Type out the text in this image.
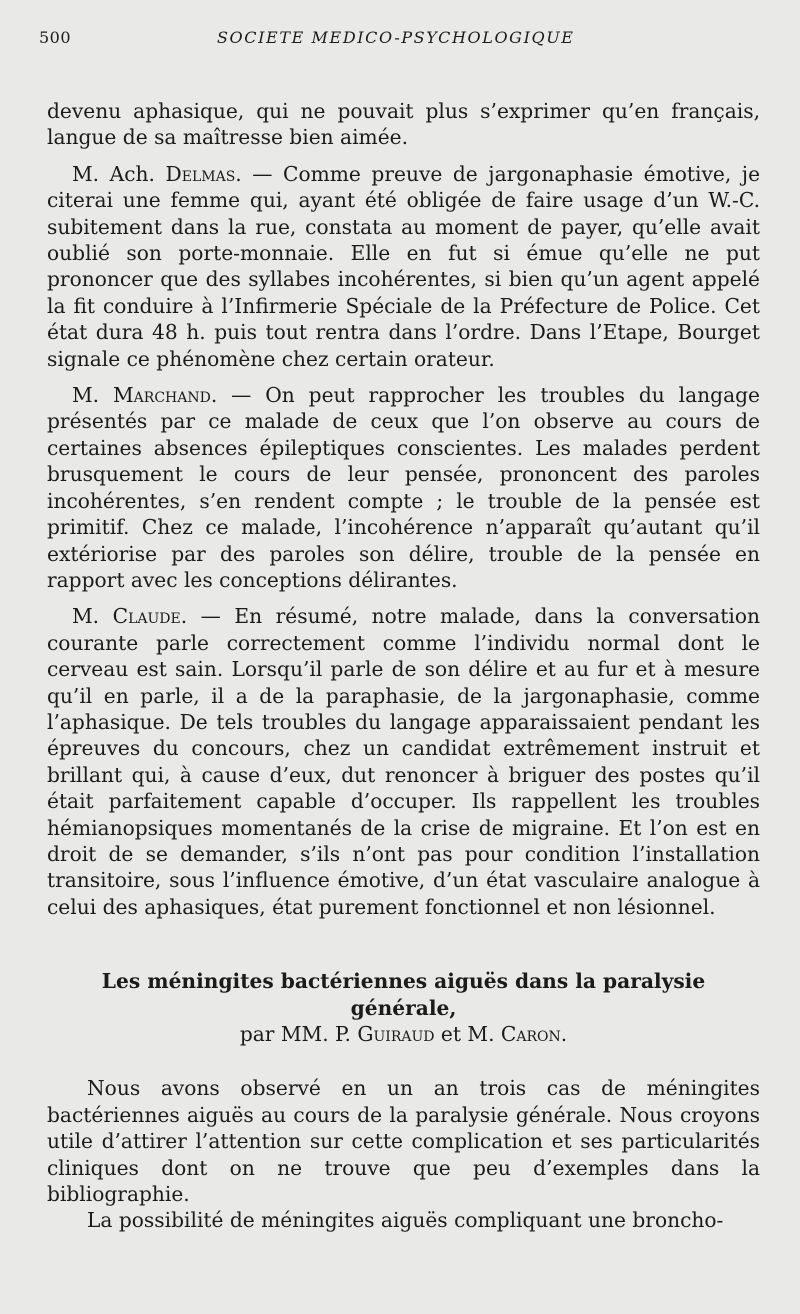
500	SOCIETE MEDICO-PSYCHOLOGIQUE

devenu aphasique, qui ne pouvait plus s’exprimer qu’en français, langue de sa maîtresse bien aimée.

M. Ach. Delmas. — Comme preuve de jargonaphasie émotive, je citerai une femme qui, ayant été obligée de faire usage d’un W.-C. subitement dans la rue, constata au moment de payer, qu’elle avait oublié son porte-monnaie. Elle en fut si émue qu’elle ne put prononcer que des syllabes incohérentes, si bien qu’un agent appelé la fit conduire à l’Infirmerie Spéciale de la Préfecture de Police. Cet état dura 48 h. puis tout rentra dans l’ordre. Dans l’Etape, Bourget signale ce phénomène chez certain orateur.

M. Marchand. — On peut rapprocher les troubles du langage présentés par ce malade de ceux que l’on observe au cours de certaines absences épileptiques conscientes. Les malades perdent brusquement le cours de leur pensée, prononcent des paroles incohérentes, s’en rendent compte ; le trouble de la pensée est primitif. Chez ce malade, l’incohérence n’apparaît qu’autant qu’il extériorise par des paroles son délire, trouble de la pensée en rapport avec les conceptions délirantes.

M. Claude. — En résumé, notre malade, dans la conversation courante parle correctement comme l’individu normal dont le cerveau est sain. Lorsqu’il parle de son délire et au fur et à mesure qu’il en parle, il a de la paraphasie, de la jargonaphasie, comme l’aphasique. De tels troubles du langage apparaissaient pendant les épreuves du concours, chez un candidat extrêmement instruit et brillant qui, à cause d’eux, dut renoncer à briguer des postes qu’il était parfaitement capable d’occuper. Ils rappellent les troubles hémianopsiques momentanés de la crise de migraine. Et l’on est en droit de se demander, s’ils n’ont pas pour condition l’installation transitoire, sous l’influence émotive, d’un état vasculaire analogue à celui des aphasiques, état purement fonctionnel et non lésionnel.

Les méningites bactériennes aiguës dans la paralysie générale,
par MM. P. Guiraud et M. Caron.

Nous avons observé en un an trois cas de méningites bactériennes aiguës au cours de la paralysie générale. Nous croyons utile d’attirer l’attention sur cette complication et ses particularités cliniques dont on ne trouve que peu d’exemples dans la bibliographie.

La possibilité de méningites aiguës compliquant une broncho-
